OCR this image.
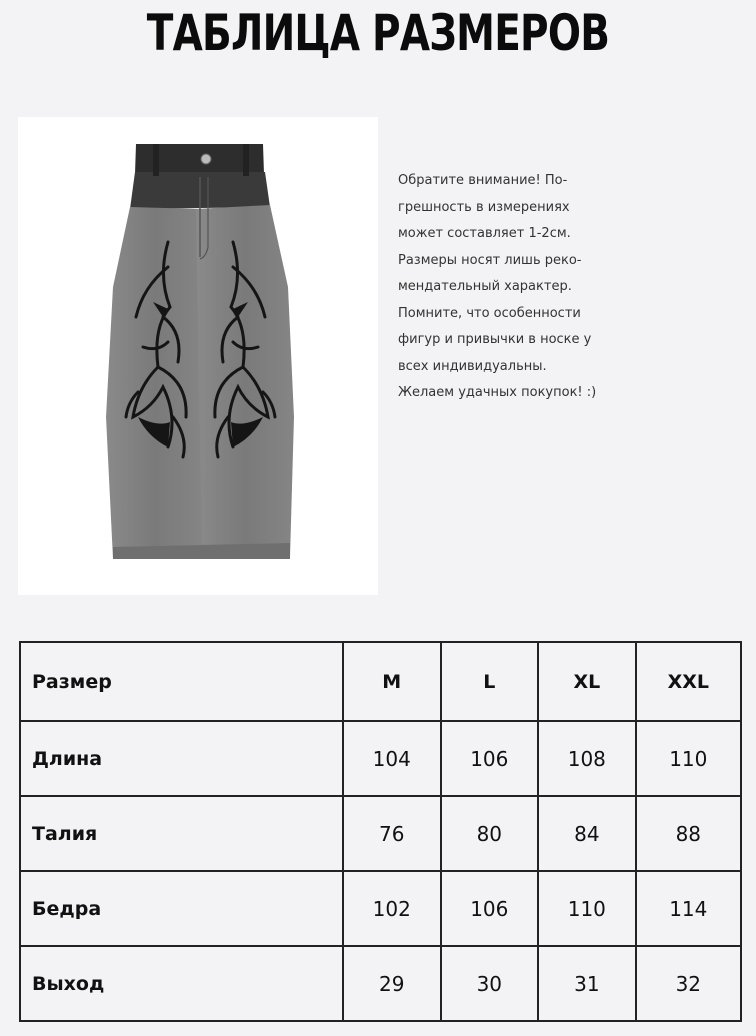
ТАБЛИЦА РАЗМЕРОВ
Обратите внимание! По-
грешность в измерениях
может составляет 1-2см.
Размеры носят лишь реко-
мендательный характер.
Помните, что особенности
фигур и привычки в носке у
всех индивидуальны.
Желаем удачных покупок! :)
Размер	M	L	XL	XXL
Длина	104	106	108	110
Талия	76	80	84	88
Бедра	102	106	110	114
Выход	29	30	31	32
